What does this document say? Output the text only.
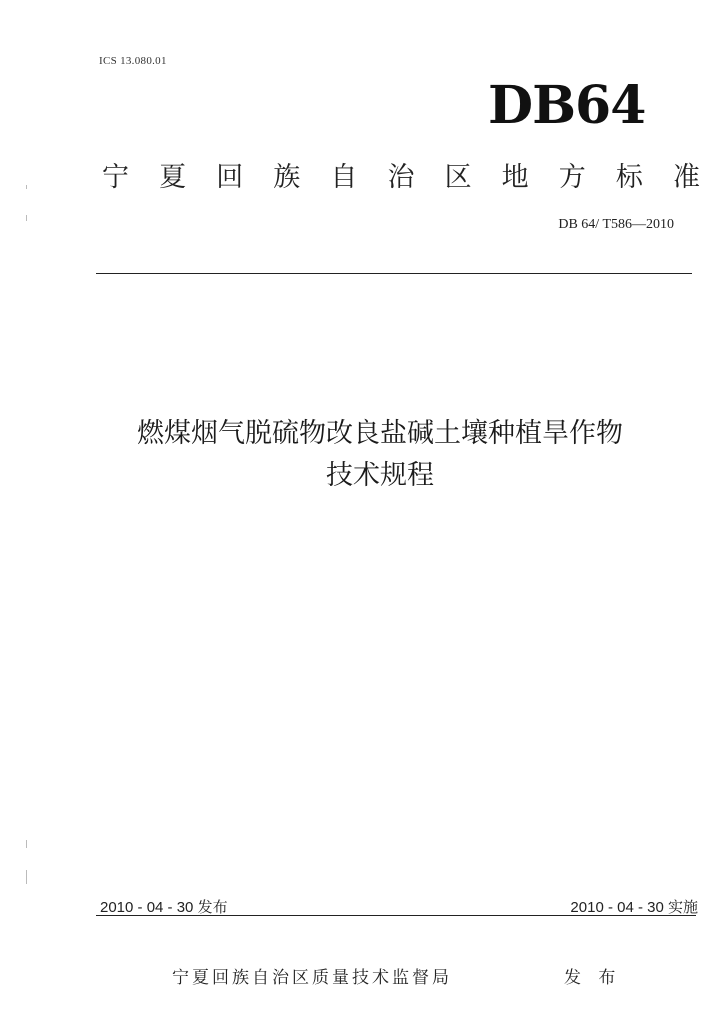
ICS 13.080.01
DB64
宁 夏 回 族 自 治 区 地 方 标 准
DB 64/ T586—2010
燃煤烟气脱硫物改良盐碱土壤种植旱作物
技术规程
2010 - 04 - 30 发布	2010 - 04 - 30 实施
宁夏回族自治区质量技术监督局	发 布
